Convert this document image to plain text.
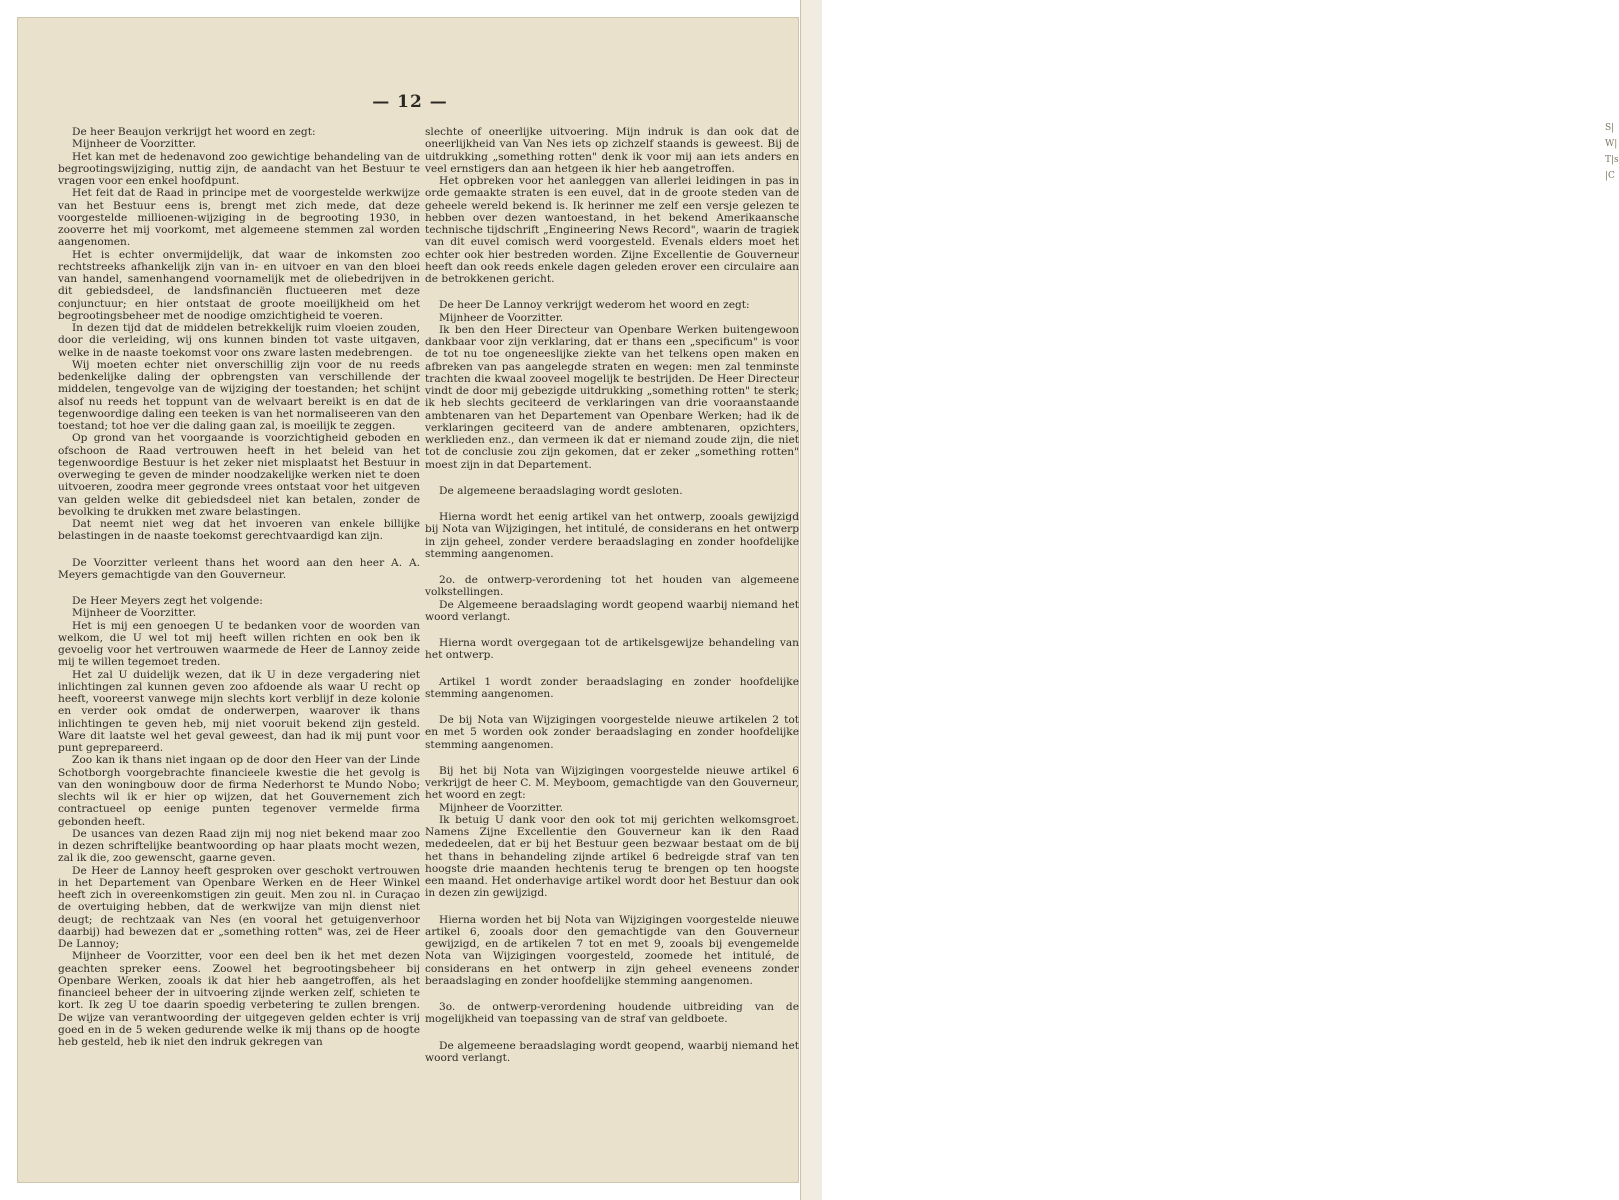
S|W|T|s|C
— 12 —

De heer Beaujon verkrijgt het woord en zegt:

Mijnheer de Voorzitter.

Het kan met de hedenavond zoo gewichtige behandeling van de begrootingswijziging, nuttig zijn, de aandacht van het Bestuur te vragen voor een enkel hoofdpunt.

Het feit dat de Raad in principe met de voorgestelde werkwijze van het Bestuur eens is, brengt met zich mede, dat deze voorgestelde millioenen-wijziging in de begrooting 1930, in zooverre het mij voorkomt, met algemeene stemmen zal worden aangenomen.

Het is echter onvermijdelijk, dat waar de inkomsten zoo rechtstreeks afhankelijk zijn van in- en uitvoer en van den bloei van handel, samenhangend voornamelijk met de oliebedrijven in dit gebiedsdeel, de landsfinanciën fluctueeren met deze conjunctuur; en hier ontstaat de groote moeilijkheid om het begrootingsbeheer met de noodige omzichtigheid te voeren.

In dezen tijd dat de middelen betrekkelijk ruim vloeien zouden, door die verleiding, wij ons kunnen binden tot vaste uitgaven, welke in de naaste toekomst voor ons zware lasten medebrengen.

Wij moeten echter niet onverschillig zijn voor de nu reeds bedenkelijke daling der opbrengsten van verschillende der middelen, tengevolge van de wijziging der toestanden; het schijnt alsof nu reeds het toppunt van de welvaart bereikt is en dat de tegenwoordige daling een teeken is van het normaliseeren van den toestand; tot hoe ver die daling gaan zal, is moeilijk te zeggen.

Op grond van het voorgaande is voorzichtigheid geboden en ofschoon de Raad vertrouwen heeft in het beleid van het tegenwoordige Bestuur is het zeker niet misplaatst het Bestuur in overweging te geven de minder noodzakelijke werken niet te doen uitvoeren, zoodra meer gegronde vrees ontstaat voor het uitgeven van gelden welke dit gebiedsdeel niet kan betalen, zonder de bevolking te drukken met zware belastingen.

Dat neemt niet weg dat het invoeren van enkele billijke belastingen in de naaste toekomst gerechtvaardigd kan zijn.

De Voorzitter verleent thans het woord aan den heer A. A. Meyers gemachtigde van den Gouverneur.

De Heer Meyers zegt het volgende:

Mijnheer de Voorzitter.

Het is mij een genoegen U te bedanken voor de woorden van welkom, die U wel tot mij heeft willen richten en ook ben ik gevoelig voor het vertrouwen waarmede de Heer de Lannoy zeide mij te willen tegemoet treden.

Het zal U duidelijk wezen, dat ik U in deze vergadering niet inlichtingen zal kunnen geven zoo afdoende als waar U recht op heeft, vooreerst vanwege mijn slechts kort verblijf in deze kolonie en verder ook omdat de onderwerpen, waarover ik thans inlichtingen te geven heb, mij niet vooruit bekend zijn gesteld. Ware dit laatste wel het geval geweest, dan had ik mij punt voor punt geprepareerd.

Zoo kan ik thans niet ingaan op de door den Heer van der Linde Schotborgh voorgebrachte financieele kwestie die het gevolg is van den woningbouw door de firma Nederhorst te Mundo Nobo; slechts wil ik er hier op wijzen, dat het Gouvernement zich contractueel op eenige punten tegenover vermelde firma gebonden heeft.

De usances van dezen Raad zijn mij nog niet bekend maar zoo in dezen schriftelijke beantwoording op haar plaats mocht wezen, zal ik die, zoo gewenscht, gaarne geven.

De Heer de Lannoy heeft gesproken over geschokt vertrouwen in het Departement van Openbare Werken en de Heer Winkel heeft zich in overeenkomstigen zin geuit. Men zou nl. in Curaçao de overtuiging hebben, dat de werkwijze van mijn dienst niet deugt; de rechtzaak van Nes (en vooral het getuigenverhoor daarbij) had bewezen dat er „something rotten" was, zei de Heer De Lannoy;

Mijnheer de Voorzitter, voor een deel ben ik het met dezen geachten spreker eens. Zoowel het begrootingsbeheer bij Openbare Werken, zooals ik dat hier heb aangetroffen, als het financieel beheer der in uitvoering zijnde werken zelf, schieten te kort. Ik zeg U toe daarin spoedig verbetering te zullen brengen. De wijze van verantwoording der uitgegeven gelden echter is vrij goed en in de 5 weken gedurende welke ik mij thans op de hoogte heb gesteld, heb ik niet den indruk gekregen van

slechte of oneerlijke uitvoering. Mijn indruk is dan ook dat de oneerlijkheid van Van Nes iets op zichzelf staands is geweest. Bij de uitdrukking „something rotten" denk ik voor mij aan iets anders en veel ernstigers dan aan hetgeen ik hier heb aangetroffen.

Het opbreken voor het aanleggen van allerlei leidingen in pas in orde gemaakte straten is een euvel, dat in de groote steden van de geheele wereld bekend is. Ik herinner me zelf een versje gelezen te hebben over dezen wantoestand, in het bekend Amerikaansche technische tijdschrift „Engineering News Record", waarin de tragiek van dit euvel comisch werd voorgesteld. Evenals elders moet het echter ook hier bestreden worden. Zijne Excellentie de Gouverneur heeft dan ook reeds enkele dagen geleden erover een circulaire aan de betrokkenen gericht.

De heer De Lannoy verkrijgt wederom het woord en zegt:

Mijnheer de Voorzitter.

Ik ben den Heer Directeur van Openbare Werken buitengewoon dankbaar voor zijn verklaring, dat er thans een „specificum" is voor de tot nu toe ongeneeslijke ziekte van het telkens open maken en afbreken van pas aangelegde straten en wegen: men zal tenminste trachten die kwaal zooveel mogelijk te bestrijden. De Heer Directeur vindt de door mij gebezigde uitdrukking „something rotten" te sterk; ik heb slechts geciteerd de verklaringen van drie vooraanstaande ambtenaren van het Departement van Openbare Werken; had ik de verklaringen geciteerd van de andere ambtenaren, opzichters, werklieden enz., dan vermeen ik dat er niemand zoude zijn, die niet tot de conclusie zou zijn gekomen, dat er zeker „something rotten" moest zijn in dat Departement.

De algemeene beraadslaging wordt gesloten.

Hierna wordt het eenig artikel van het ontwerp, zooals gewijzigd bij Nota van Wijzigingen, het intitulé, de considerans en het ontwerp in zijn geheel, zonder verdere beraadslaging en zonder hoofdelijke stemming aangenomen.

2o. de ontwerp-verordening tot het houden van algemeene volkstellingen.

De Algemeene beraadslaging wordt geopend waarbij niemand het woord verlangt.

Hierna wordt overgegaan tot de artikelsgewijze behandeling van het ontwerp.

Artikel 1 wordt zonder beraadslaging en zonder hoofdelijke stemming aangenomen.

De bij Nota van Wijzigingen voorgestelde nieuwe artikelen 2 tot en met 5 worden ook zonder beraadslaging en zonder hoofdelijke stemming aangenomen.

Bij het bij Nota van Wijzigingen voorgestelde nieuwe artikel 6 verkrijgt de heer C. M. Meyboom, gemachtigde van den Gouverneur, het woord en zegt:

Mijnheer de Voorzitter.

Ik betuig U dank voor den ook tot mij gerichten welkomsgroet. Namens Zijne Excellentie den Gouverneur kan ik den Raad mededeelen, dat er bij het Bestuur geen bezwaar bestaat om de bij het thans in behandeling zijnde artikel 6 bedreigde straf van ten hoogste drie maanden hechtenis terug te brengen op ten hoogste een maand. Het onderhavige artikel wordt door het Bestuur dan ook in dezen zin gewijzigd.

Hierna worden het bij Nota van Wijzigingen voorgestelde nieuwe artikel 6, zooals door den gemachtigde van den Gouverneur gewijzigd, en de artikelen 7 tot en met 9, zooals bij evengemelde Nota van Wijzigingen voorgesteld, zoomede het intitulé, de considerans en het ontwerp in zijn geheel eveneens zonder beraadslaging en zonder hoofdelijke stemming aangenomen.

3o. de ontwerp-verordening houdende uitbreiding van de mogelijkheid van toepassing van de straf van geldboete.

De algemeene beraadslaging wordt geopend, waarbij niemand het woord verlangt.
